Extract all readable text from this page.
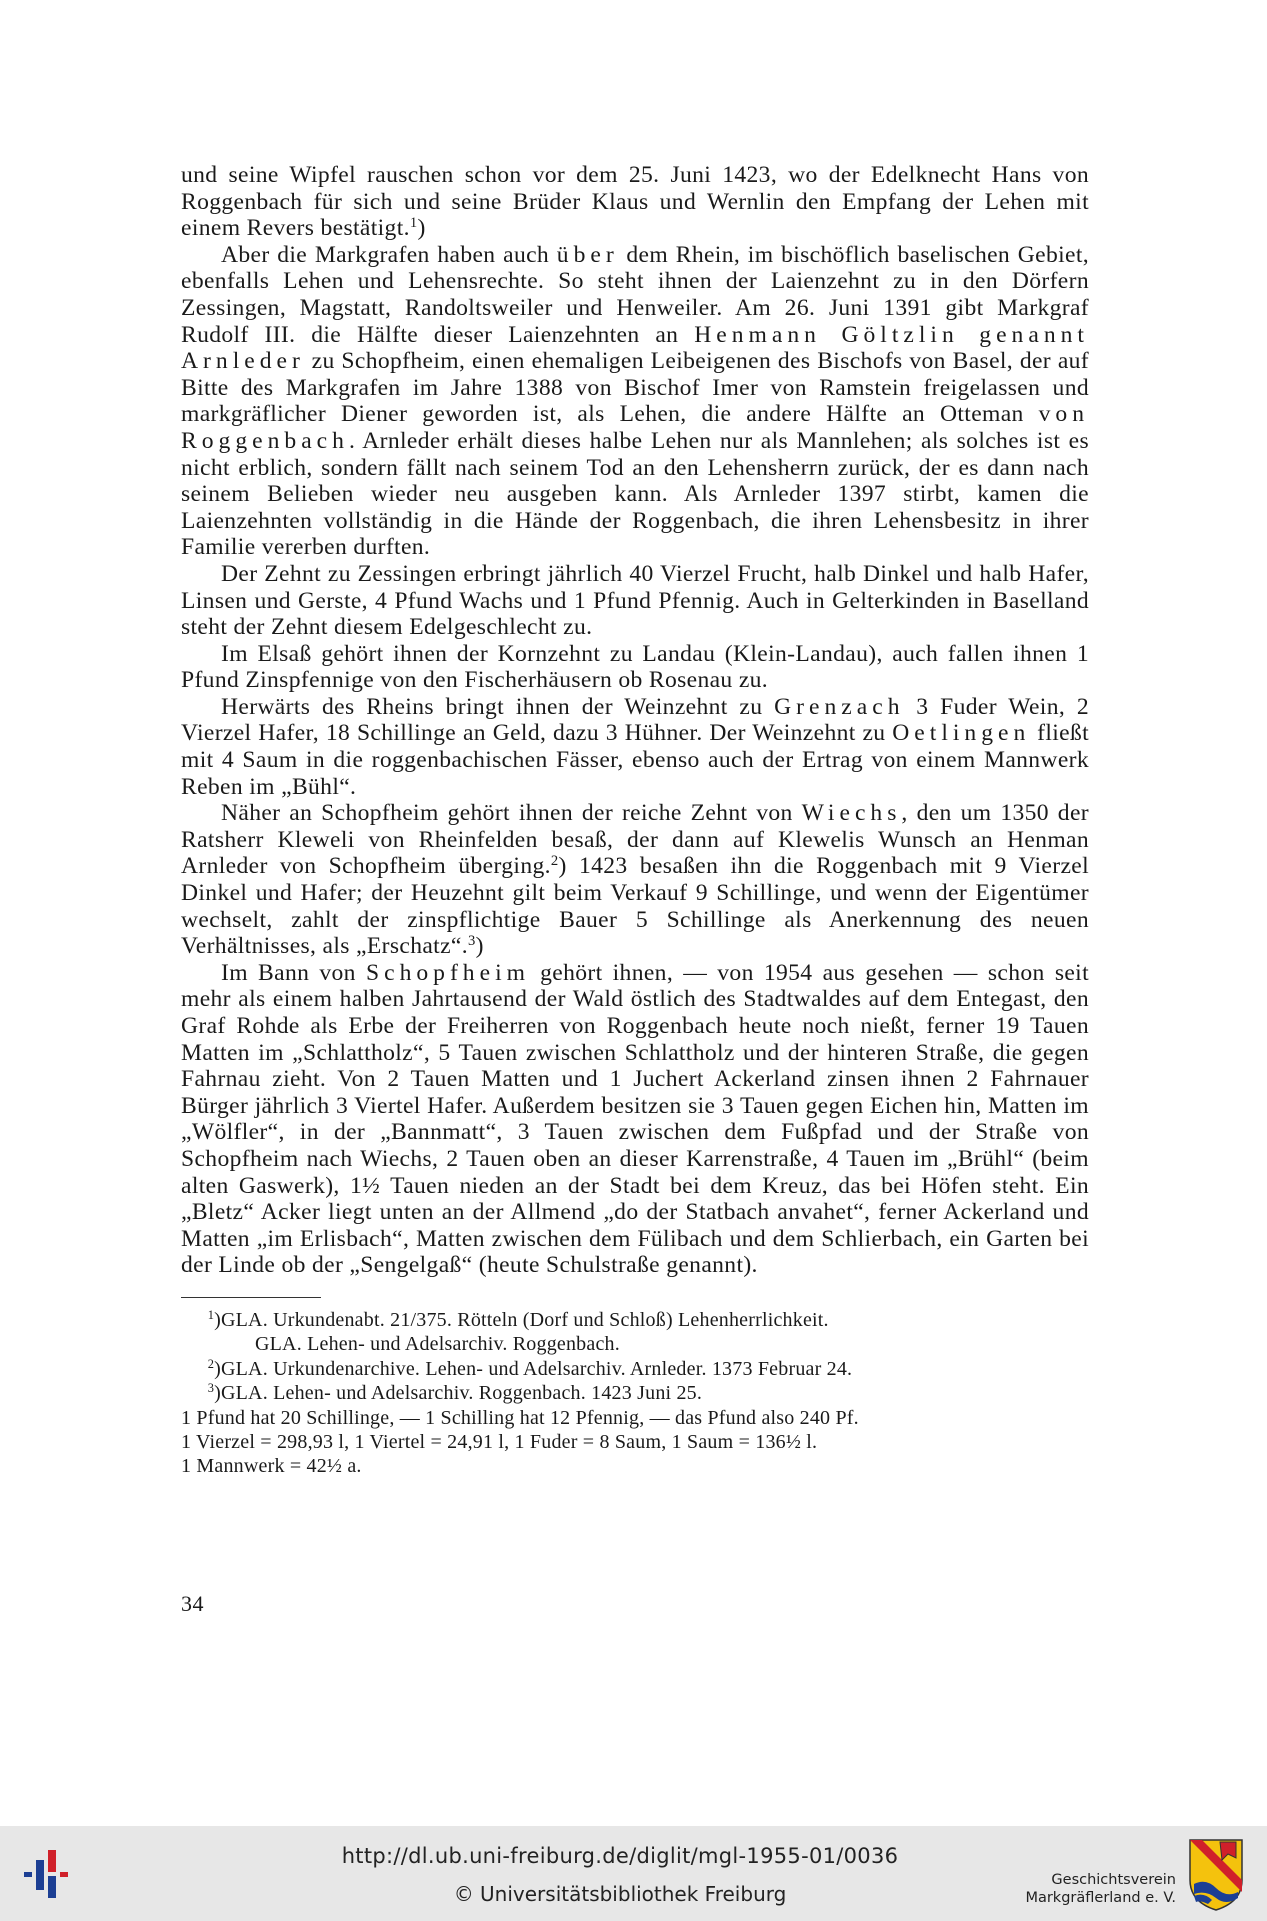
und seine Wipfel rauschen schon vor dem 25. Juni 1423, wo der Edelknecht Hans von Roggenbach für sich und seine Brüder Klaus und Wernlin den Empfang der Lehen mit einem Revers bestätigt.$^1$)

Aber die Markgrafen haben auch über dem Rhein, im bischöflich baselischen Gebiet, ebenfalls Lehen und Lehensrechte. So steht ihnen der Laienzehnt zu in den Dörfern Zessingen, Magstatt, Randoltsweiler und Henweiler. Am 26. Juni 1391 gibt Markgraf Rudolf III. die Hälfte dieser Laienzehnten an Henmann Göltzlin genannt Arnleder zu Schopfheim, einen ehemaligen Leibeigenen des Bischofs von Basel, der auf Bitte des Markgrafen im Jahre 1388 von Bischof Imer von Ramstein freigelassen und markgräflicher Diener geworden ist, als Lehen, die andere Hälfte an Otteman von Roggenbach. Arnleder erhält dieses halbe Lehen nur als Mannlehen; als solches ist es nicht erblich, sondern fällt nach seinem Tod an den Lehensherrn zurück, der es dann nach seinem Belieben wieder neu ausgeben kann. Als Arnleder 1397 stirbt, kamen die Laienzehnten vollständig in die Hände der Roggenbach, die ihren Lehensbesitz in ihrer Familie vererben durften.

Der Zehnt zu Zessingen erbringt jährlich 40 Vierzel Frucht, halb Dinkel und halb Hafer, Linsen und Gerste, 4 Pfund Wachs und 1 Pfund Pfennig. Auch in Gelterkinden in Baselland steht der Zehnt diesem Edelgeschlecht zu.

Im Elsaß gehört ihnen der Kornzehnt zu Landau (Klein-Landau), auch fallen ihnen 1 Pfund Zinspfennige von den Fischerhäusern ob Rosenau zu.

Herwärts des Rheins bringt ihnen der Weinzehnt zu Grenzach 3 Fuder Wein, 2 Vierzel Hafer, 18 Schillinge an Geld, dazu 3 Hühner. Der Weinzehnt zu Oetlingen fließt mit 4 Saum in die roggenbachischen Fässer, ebenso auch der Ertrag von einem Mannwerk Reben im „Bühl“.

Näher an Schopfheim gehört ihnen der reiche Zehnt von Wiechs, den um 1350 der Ratsherr Kleweli von Rheinfelden besaß, der dann auf Klewelis Wunsch an Henman Arnleder von Schopfheim überging.$^2$) 1423 besaßen ihn die Roggenbach mit 9 Vierzel Dinkel und Hafer; der Heuzehnt gilt beim Verkauf 9 Schillinge, und wenn der Eigentümer wechselt, zahlt der zinspflichtige Bauer 5 Schillinge als Anerkennung des neuen Verhältnisses, als „Erschatz“.$^3$)

Im Bann von Schopfheim gehört ihnen, — von 1954 aus gesehen — schon seit mehr als einem halben Jahrtausend der Wald östlich des Stadtwaldes auf dem Entegast, den Graf Rohde als Erbe der Freiherren von Roggenbach heute noch nießt, ferner 19 Tauen Matten im „Schlattholz“, 5 Tauen zwischen Schlattholz und der hinteren Straße, die gegen Fahrnau zieht. Von 2 Tauen Matten und 1 Juchert Ackerland zinsen ihnen 2 Fahrnauer Bürger jährlich 3 Viertel Hafer. Außerdem besitzen sie 3 Tauen gegen Eichen hin, Matten im „Wölfler“, in der „Bannmatt“, 3 Tauen zwischen dem Fußpfad und der Straße von Schopfheim nach Wiechs, 2 Tauen oben an dieser Karrenstraße, 4 Tauen im „Brühl“ (beim alten Gaswerk), 1½ Tauen nieden an der Stadt bei dem Kreuz, das bei Höfen steht. Ein „Bletz“ Acker liegt unten an der Allmend „do der Statbach anvahet“, ferner Ackerland und Matten „im Erlisbach“, Matten zwischen dem Fülibach und dem Schlierbach, ein Garten bei der Linde ob der „Sengelgaß“ (heute Schulstraße genannt).

$^1$)GLA. Urkundenabt. 21/375. Rötteln (Dorf und Schloß) Lehenherrlichkeit.

GLA. Lehen- und Adelsarchiv. Roggenbach.

$^2$)GLA. Urkundenarchive. Lehen- und Adelsarchiv. Arnleder. 1373 Februar 24.

$^3$)GLA. Lehen- und Adelsarchiv. Roggenbach. 1423 Juni 25.

1 Pfund hat 20 Schillinge, — 1 Schilling hat 12 Pfennig, — das Pfund also 240 Pf.

1 Vierzel = 298,93 l, 1 Viertel = 24,91 l, 1 Fuder = 8 Saum, 1 Saum = 136½ l.

1 Mannwerk = 42½ a.

34
http://dl.ub.uni-freiburg.de/diglit/mgl-1955-01/0036
© Universitätsbibliothek Freiburg
Geschichtsverein
Markgräflerland e. V.
